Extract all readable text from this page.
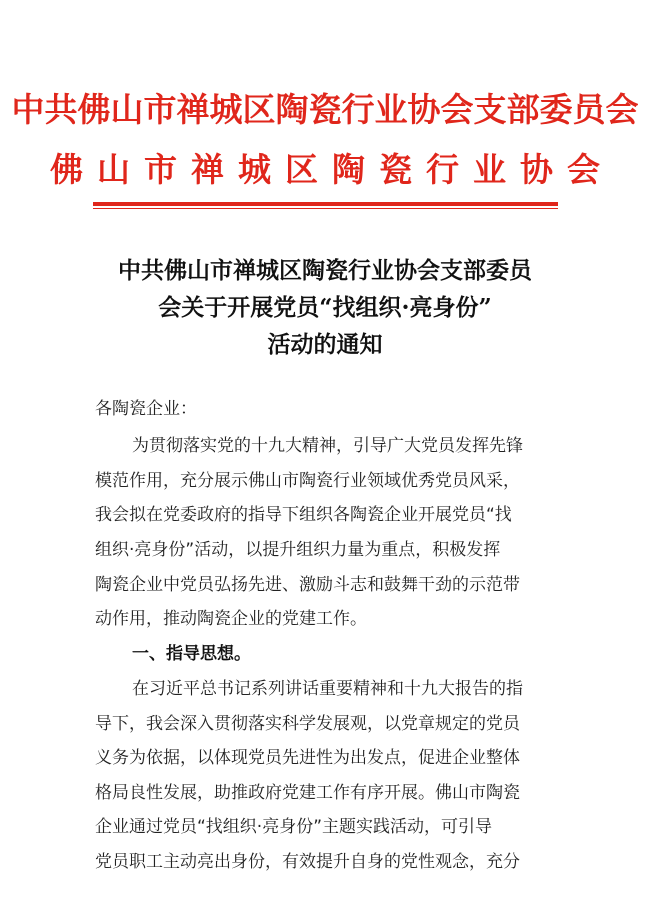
中共佛山市禅城区陶瓷行业协会支部委员会
佛山市禅城区陶瓷行业协会
中共佛山市禅城区陶瓷行业协会支部委员
会关于开展党员“找组织·亮身份”
活动的通知
各陶瓷企业：
为贯彻落实党的十九大精神，引导广大党员发挥先锋
模范作用，充分展示佛山市陶瓷行业领域优秀党员风采，
我会拟在党委政府的指导下组织各陶瓷企业开展党员“找
组织·亮身份”活动，以提升组织力量为重点，积极发挥
陶瓷企业中党员弘扬先进、激励斗志和鼓舞干劲的示范带
动作用，推动陶瓷企业的党建工作。
一、指导思想。
在习近平总书记系列讲话重要精神和十九大报告的指
导下，我会深入贯彻落实科学发展观，以党章规定的党员
义务为依据，以体现党员先进性为出发点，促进企业整体
格局良性发展，助推政府党建工作有序开展。佛山市陶瓷
企业通过党员“找组织·亮身份”主题实践活动，可引导
党员职工主动亮出身份，有效提升自身的党性观念，充分
